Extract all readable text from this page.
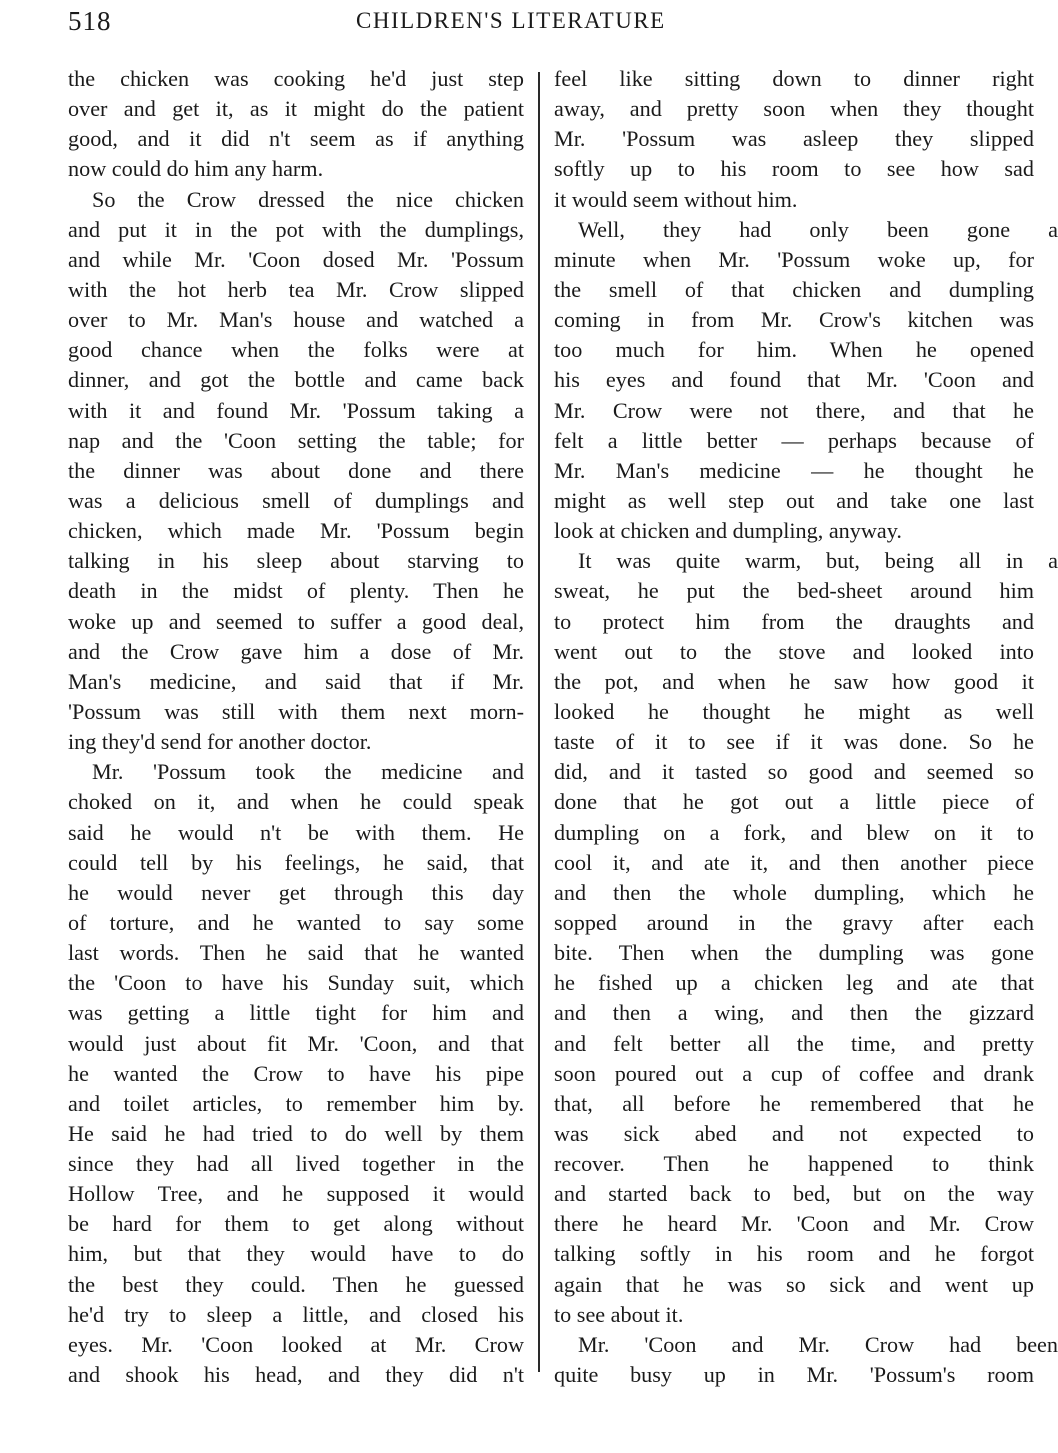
518	CHILDREN'S LITERATURE
the chicken was cooking he'd just step
over and get it, as it might do the patient
good, and it did n't seem as if anything
now could do him any harm.
So the Crow dressed the nice chicken
and put it in the pot with the dumplings,
and while Mr. 'Coon dosed Mr. 'Possum
with the hot herb tea Mr. Crow slipped
over to Mr. Man's house and watched a
good chance when the folks were at
dinner, and got the bottle and came back
with it and found Mr. 'Possum taking a
nap and the 'Coon setting the table; for
the dinner was about done and there
was a delicious smell of dumplings and
chicken, which made Mr. 'Possum begin
talking in his sleep about starving to
death in the midst of plenty. Then he
woke up and seemed to suffer a good deal,
and the Crow gave him a dose of Mr.
Man's medicine, and said that if Mr.
'Possum was still with them next morn-
ing they'd send for another doctor.
Mr. 'Possum took the medicine and
choked on it, and when he could speak
said he would n't be with them. He
could tell by his feelings, he said, that
he would never get through this day
of torture, and he wanted to say some
last words. Then he said that he wanted
the 'Coon to have his Sunday suit, which
was getting a little tight for him and
would just about fit Mr. 'Coon, and that
he wanted the Crow to have his pipe
and toilet articles, to remember him by.
He said he had tried to do well by them
since they had all lived together in the
Hollow Tree, and he supposed it would
be hard for them to get along without
him, but that they would have to do
the best they could. Then he guessed
he'd try to sleep a little, and closed his
eyes. Mr. 'Coon looked at Mr. Crow
and shook his head, and they did n't
feel like sitting down to dinner right
away, and pretty soon when they thought
Mr. 'Possum was asleep they slipped
softly up to his room to see how sad
it would seem without him.
Well, they had only been gone a
minute when Mr. 'Possum woke up, for
the smell of that chicken and dumpling
coming in from Mr. Crow's kitchen was
too much for him. When he opened
his eyes and found that Mr. 'Coon and
Mr. Crow were not there, and that he
felt a little better — perhaps because of
Mr. Man's medicine — he thought he
might as well step out and take one last
look at chicken and dumpling, anyway.
It was quite warm, but, being all in a
sweat, he put the bed-sheet around him
to protect him from the draughts and
went out to the stove and looked into
the pot, and when he saw how good it
looked he thought he might as well
taste of it to see if it was done. So he
did, and it tasted so good and seemed so
done that he got out a little piece of
dumpling on a fork, and blew on it to
cool it, and ate it, and then another piece
and then the whole dumpling, which he
sopped around in the gravy after each
bite. Then when the dumpling was gone
he fished up a chicken leg and ate that
and then a wing, and then the gizzard
and felt better all the time, and pretty
soon poured out a cup of coffee and drank
that, all before he remembered that he
was sick abed and not expected to
recover. Then he happened to think
and started back to bed, but on the way
there he heard Mr. 'Coon and Mr. Crow
talking softly in his room and he forgot
again that he was so sick and went up
to see about it.
Mr. 'Coon and Mr. Crow had been
quite busy up in Mr. 'Possum's room
